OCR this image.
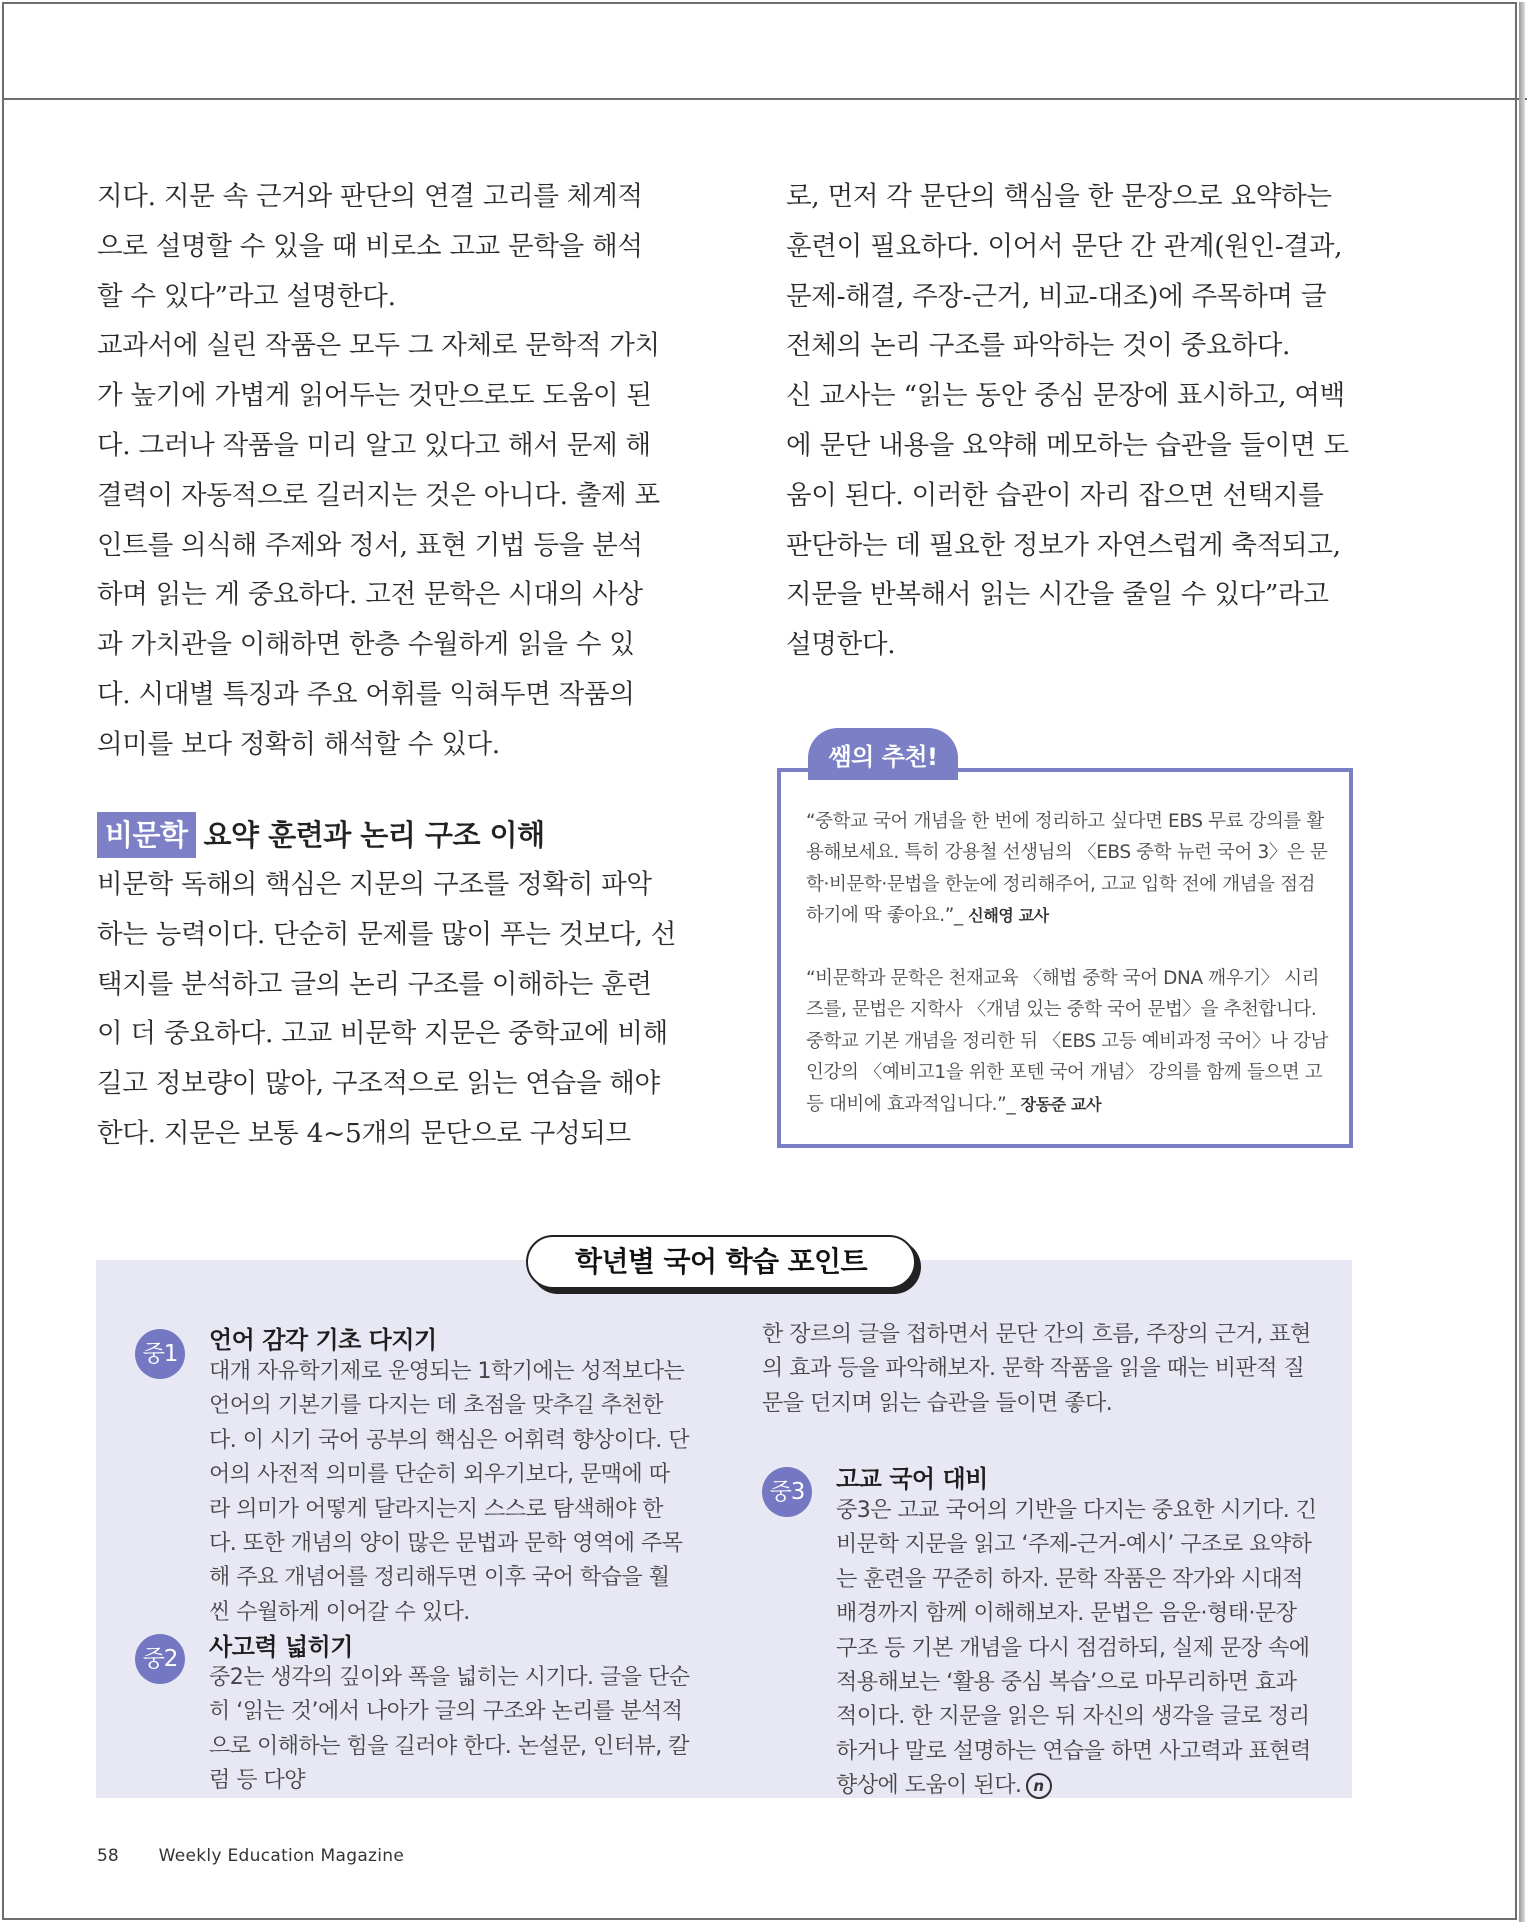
지다. 지문 속 근거와 판단의 연결 고리를 체계적으로 설명할 수 있을 때 비로소 고교 문학을 해석할 수 있다”라고 설명한다.

교과서에 실린 작품은 모두 그 자체로 문학적 가치가 높기에 가볍게 읽어두는 것만으로도 도움이 된다. 그러나 작품을 미리 알고 있다고 해서 문제 해결력이 자동적으로 길러지는 것은 아니다. 출제 포인트를 의식해 주제와 정서, 표현 기법 등을 분석하며 읽는 게 중요하다. 고전 문학은 시대의 사상과 가치관을 이해하면 한층 수월하게 읽을 수 있다. 시대별 특징과 주요 어휘를 익혀두면 작품의 의미를 보다 정확히 해석할 수 있다.

비문학 요약 훈련과 논리 구조 이해
비문학 독해의 핵심은 지문의 구조를 정확히 파악하는 능력이다. 단순히 문제를 많이 푸는 것보다, 선택지를 분석하고 글의 논리 구조를 이해하는 훈련이 더 중요하다. 고교 비문학 지문은 중학교에 비해 길고 정보량이 많아, 구조적으로 읽는 연습을 해야 한다. 지문은 보통 4~5개의 문단으로 구성되므

로, 먼저 각 문단의 핵심을 한 문장으로 요약하는 훈련이 필요하다. 이어서 문단 간 관계(원인-결과, 문제-해결, 주장-근거, 비교-대조)에 주목하며 글 전체의 논리 구조를 파악하는 것이 중요하다.

신 교사는 “읽는 동안 중심 문장에 표시하고, 여백에 문단 내용을 요약해 메모하는 습관을 들이면 도움이 된다. 이러한 습관이 자리 잡으면 선택지를 판단하는 데 필요한 정보가 자연스럽게 축적되고, 지문을 반복해서 읽는 시간을 줄일 수 있다”라고 설명한다.

쌤의 추천!
“중학교 국어 개념을 한 번에 정리하고 싶다면 EBS 무료 강의를 활용해보세요. 특히 강용철 선생님의 〈EBS 중학 뉴런 국어 3〉은 문학·비문학·문법을 한눈에 정리해주어, 고교 입학 전에 개념을 점검하기에 딱 좋아요.”_ 신해영 교사
“비문학과 문학은 천재교육 〈해법 중학 국어 DNA 깨우기〉 시리즈를, 문법은 지학사 〈개념 있는 중학 국어 문법〉을 추천합니다. 중학교 기본 개념을 정리한 뒤 〈EBS 고등 예비과정 국어〉나 강남 인강의 〈예비고1을 위한 포텐 국어 개념〉 강의를 함께 들으면 고등 대비에 효과적입니다.”_ 장동준 교사
학년별 국어 학습 포인트
중1	언어 감각 기초 다지기
대개 자유학기제로 운영되는 1학기에는 성적보다는 언어의 기본기를 다지는 데 초점을 맞추길 추천한다. 이 시기 국어 공부의 핵심은 어휘력 향상이다. 단어의 사전적 의미를 단순히 외우기보다, 문맥에 따라 의미가 어떻게 달라지는지 스스로 탐색해야 한다. 또한 개념의 양이 많은 문법과 문학 영역에 주목해 주요 개념어를 정리해두면 이후 국어 학습을 훨씬 수월하게 이어갈 수 있다.
중2	사고력 넓히기
중2는 생각의 깊이와 폭을 넓히는 시기다. 글을 단순히 ‘읽는 것’에서 나아가 글의 구조와 논리를 분석적으로 이해하는 힘을 길러야 한다. 논설문, 인터뷰, 칼럼 등 다양
한 장르의 글을 접하면서 문단 간의 흐름, 주장의 근거, 표현의 효과 등을 파악해보자. 문학 작품을 읽을 때는 비판적 질문을 던지며 읽는 습관을 들이면 좋다.
중3	고교 국어 대비
중3은 고교 국어의 기반을 다지는 중요한 시기다. 긴 비문학 지문을 읽고 ‘주제-근거-예시’ 구조로 요약하는 훈련을 꾸준히 하자. 문학 작품은 작가와 시대적 배경까지 함께 이해해보자. 문법은 음운·형태·문장 구조 등 기본 개념을 다시 점검하되, 실제 문장 속에 적용해보는 ‘활용 중심 복습’으로 마무리하면 효과적이다. 한 지문을 읽은 뒤 자신의 생각을 글로 정리하거나 말로 설명하는 연습을 하면 사고력과 표현력 향상에 도움이 된다. n
58 Weekly Education Magazine
